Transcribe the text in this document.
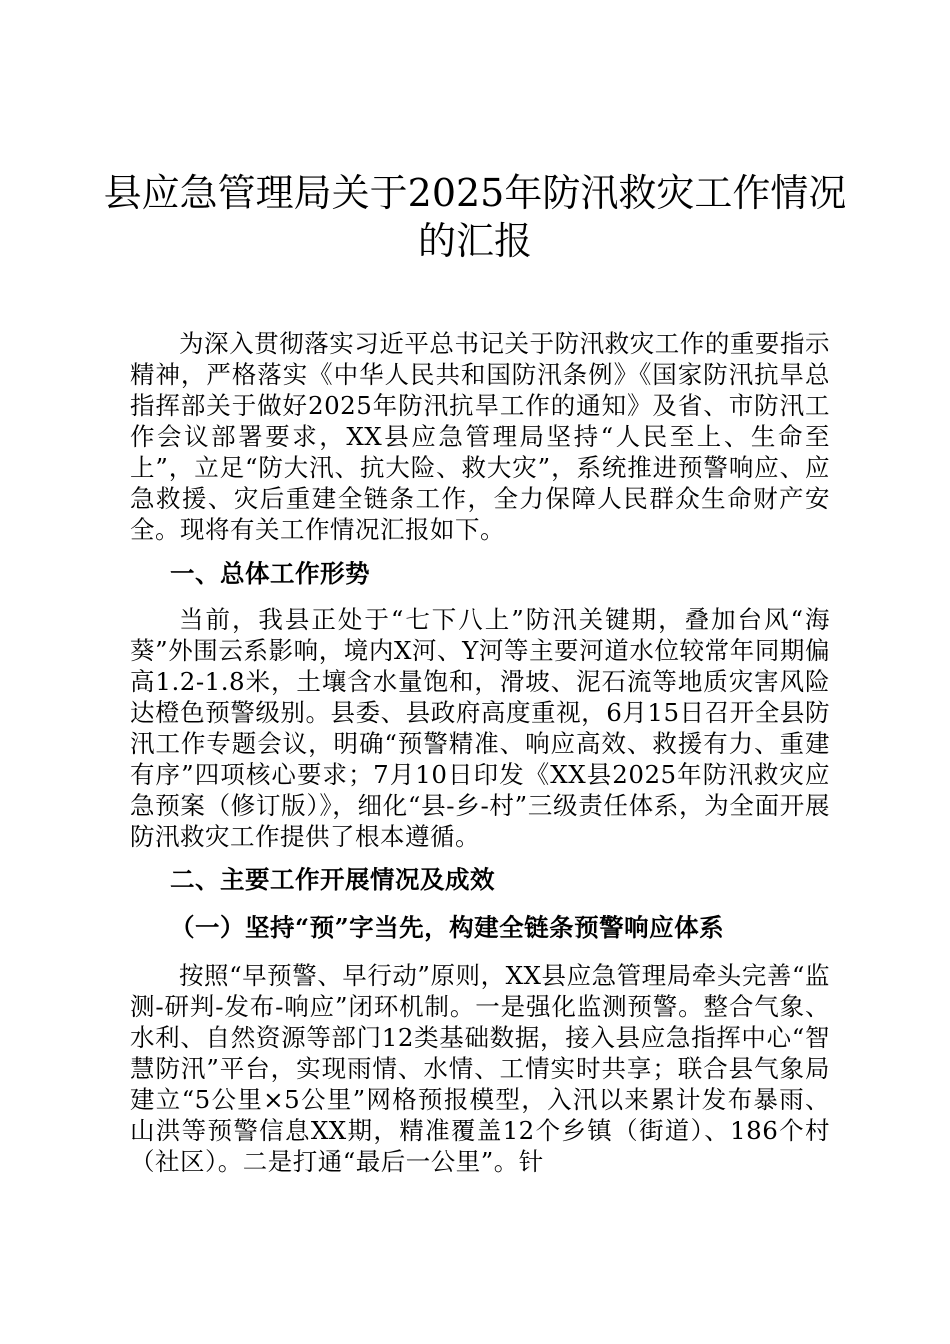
县应急管理局关于2025年防汛救灾工作情况
的汇报
为深入贯彻落实习近平总书记关于防汛救灾工作的重要指示精神，严格落实《中华人民共和国防汛条例》《国家防汛抗旱总指挥部关于做好2025年防汛抗旱工作的通知》及省、市防汛工作会议部署要求，XX县应急管理局坚持“人民至上、生命至上”，立足“防大汛、抗大险、救大灾”，系统推进预警响应、应急救援、灾后重建全链条工作，全力保障人民群众生命财产安全。现将有关工作情况汇报如下。
一、总体工作形势
当前，我县正处于“七下八上”防汛关键期，叠加台风“海葵”外围云系影响，境内X河、Y河等主要河道水位较常年同期偏高1.2-1.8米，土壤含水量饱和，滑坡、泥石流等地质灾害风险达橙色预警级别。县委、县政府高度重视，6月15日召开全县防汛工作专题会议，明确“预警精准、响应高效、救援有力、重建有序”四项核心要求；7月10日印发《XX县2025年防汛救灾应急预案（修订版）》，细化“县-乡-村”三级责任体系，为全面开展防汛救灾工作提供了根本遵循。
二、主要工作开展情况及成效
（一）坚持“预”字当先，构建全链条预警响应体系
按照“早预警、早行动”原则，XX县应急管理局牵头完善“监测-研判-发布-响应”闭环机制。一是强化监测预警。整合气象、水利、自然资源等部门12类基础数据，接入县应急指挥中心“智慧防汛”平台，实现雨情、水情、工情实时共享；联合县气象局建立“5公里×5公里”网格预报模型，入汛以来累计发布暴雨、山洪等预警信息XX期，精准覆盖12个乡镇（街道）、186个村（社区）。二是打通“最后一公里”。针
